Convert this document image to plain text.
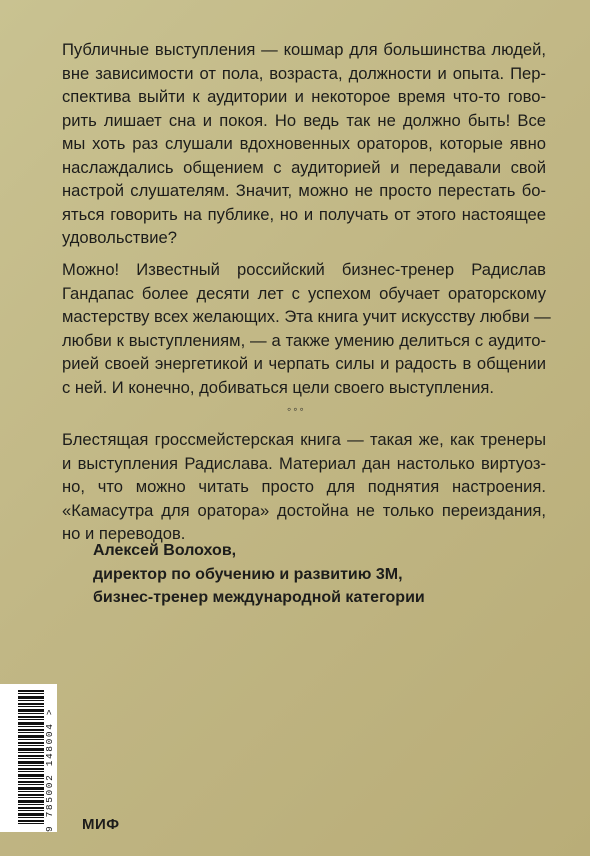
Публичные выступления — кошмар для большинства людей,
вне зависимости от пола, возраста, должности и опыта. Пер-
спектива выйти к аудитории и некоторое время что-то гово-
рить лишает сна и покоя. Но ведь так не должно быть! Все
мы хоть раз слушали вдохновенных ораторов, которые явно
наслаждались общением с аудиторией и передавали свой
настрой слушателям. Значит, можно не просто перестать бо-
яться говорить на публике, но и получать от этого настоящее
удовольствие?
Можно! Известный российский бизнес-тренер Радислав
Гандапас более десяти лет с успехом обучает ораторскому
мастерству всех желающих. Эта книга учит искусству любви —
любви к выступлениям, — а также умению делиться с аудито-
рией своей энергетикой и черпать силы и радость в общении
с ней. И конечно, добиваться цели своего выступления.
◦◦◦
Блестящая гроссмейстерская книга — такая же, как тренеры
и выступления Радислава. Материал дан настолько виртуоз-
но, что можно читать просто для поднятия настроения.
«Камасутра для оратора» достойна не только переиздания,
но и переводов.
Алексей Волохов,
директор по обучению и развитию 3М,
бизнес-тренер международной категории
9 785002 148004 > МИФ
